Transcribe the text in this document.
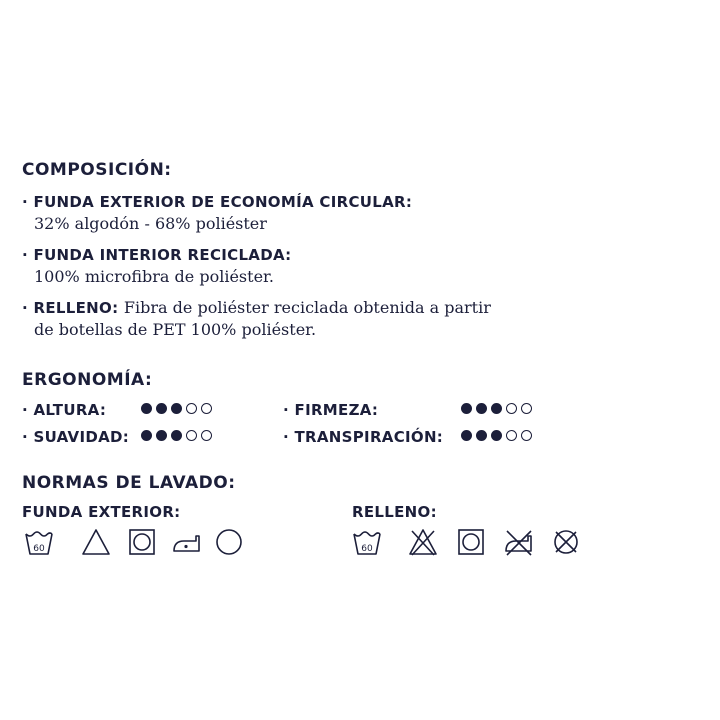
COMPOSICIÓN:
· FUNDA EXTERIOR DE ECONOMÍA CIRCULAR:
32% algodón - 68% poliéster
· FUNDA INTERIOR RECICLADA:
100% microfibra de poliéster.
· RELLENO: Fibra de poliéster reciclada obtenida a partir
de botellas de PET 100% poliéster.
ERGONOMÍA:
· ALTURA:	· FIRMEZA:
· SUAVIDAD:	· TRANSPIRACIÓN:
NORMAS DE LAVADO:
FUNDA EXTERIOR:	RELLENO:
60	60
